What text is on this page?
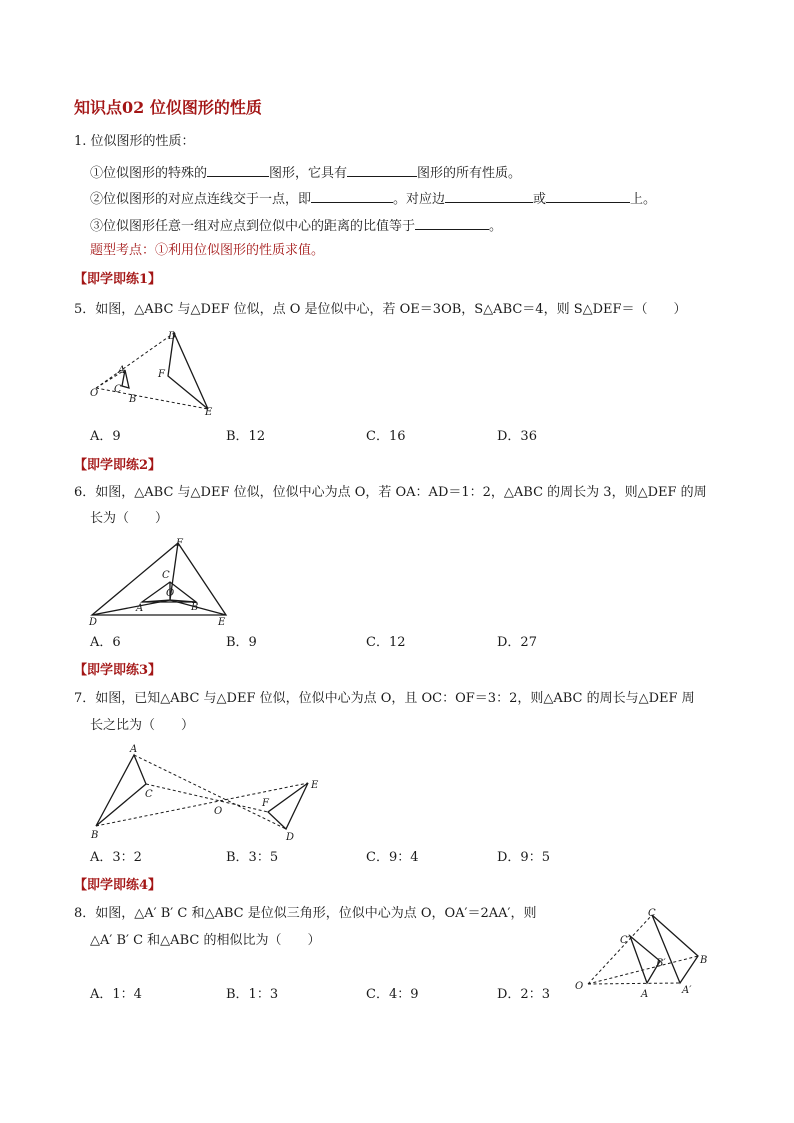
知识点02 位似图形的性质
1. 位似图形的性质：
①位似图形的特殊的	图形，它具有	图形的所有性质。
②位似图形的对应点连线交于一点，即	。对应边	或	上。
③位似图形任意一组对应点到位似中心的距离的比值等于	。
题型考点：①利用位似图形的性质求值。
【即学即练1】
5．如图，△ABC 与△DEF 位似，点 O 是位似中心，若 OE＝3OB，S△ABC＝4，则 S△DEF＝（　　）
D
A	F
O C
B
E
A．9	B．12	C．16	D．36
【即学即练2】
6．如图，△ABC 与△DEF 位似，位似中心为点 O，若 OA：AD＝1：2，△ABC 的周长为 3，则△DEF 的周
长为（　　）
F
C
O
A	B
D	E
A．6	B．9	C．12	D．27
【即学即练3】
7．如图，已知△ABC 与△DEF 位似，位似中心为点 O，且 OC：OF＝3：2，则△ABC 的周长与△DEF 周
长之比为（　　）
A
C
E
F
O
B	D
A．3：2	B．3：5	C．9：4	D．9：5
【即学即练4】
8．如图，△A′ B′ C 和△ABC 是位似三角形，位似中心为点 O，OA′＝2AA′，则
△A′ B′ C 和△ABC 的相似比为（　　）
C
C′
B′	B
O
A	A′
A．1：4	B．1：3	C．4：9	D．2：3
